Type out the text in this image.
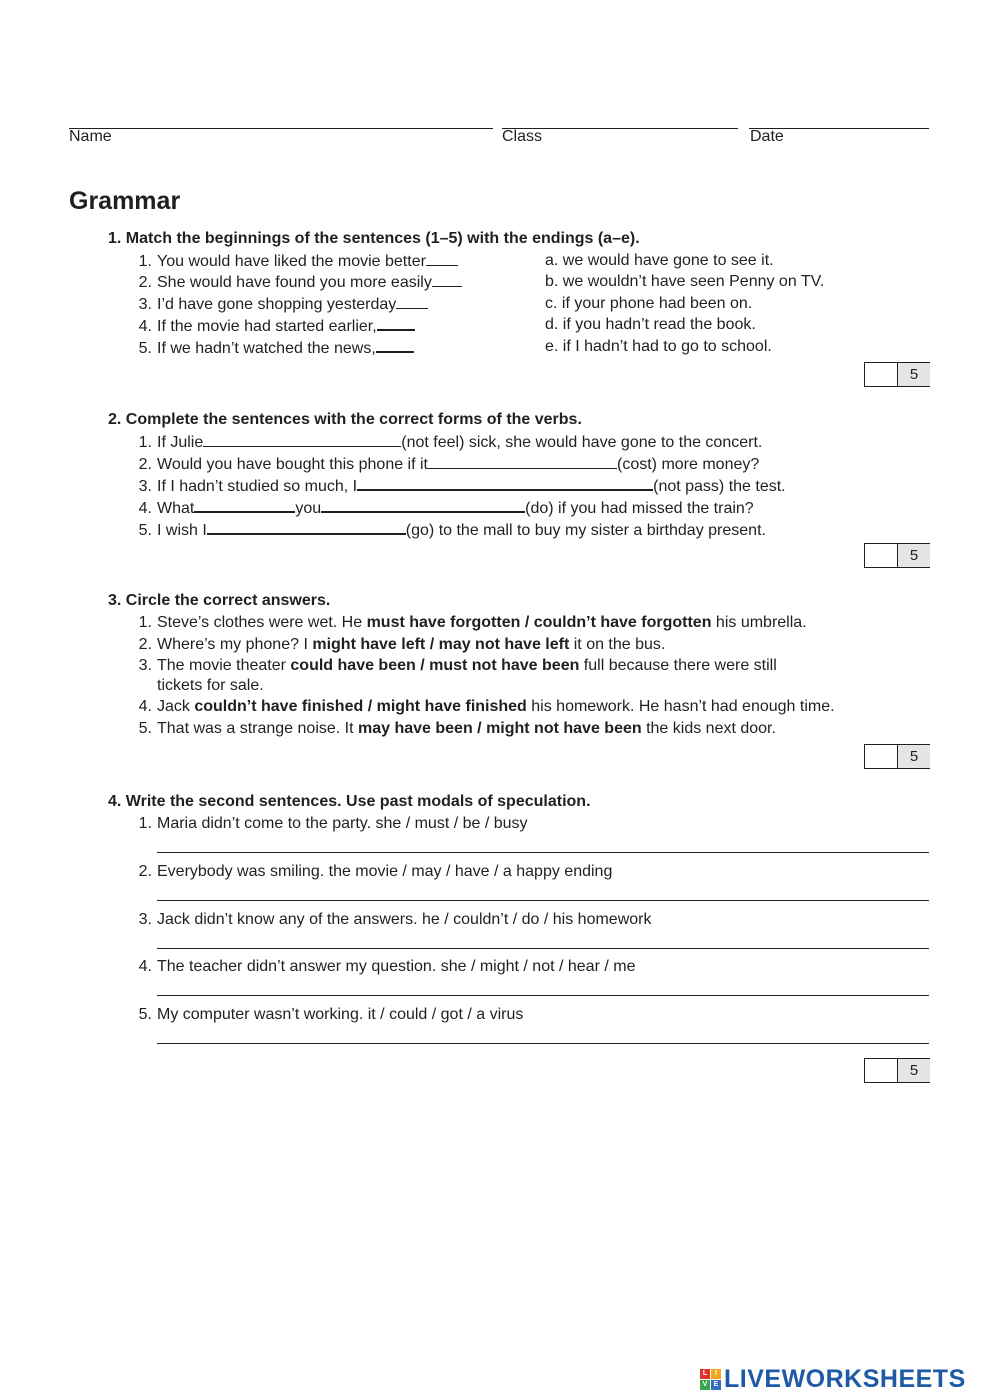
Name	Class	Date
Grammar
1. Match the beginnings of the sentences (1–5) with the endings (a–e).
1. You would have liked the movie better
2. She would have found you more easily
3. I’d have gone shopping yesterday
4. If the movie had started earlier,
5. If we hadn’t watched the news,
a. we would have gone to see it.
b. we wouldn’t have seen Penny on TV.
c. if your phone had been on.
d. if you hadn’t read the book.
e. if I hadn’t had to go to school.
5
2. Complete the sentences with the correct forms of the verbs.
1. If Julie	(not feel) sick, she would have gone to the concert.
2. Would you have bought this phone if it	(cost) more money?
3. If I hadn’t studied so much, I	(not pass) the test.
4. What	you	(do) if you had missed the train?
5. I wish I	(go) to the mall to buy my sister a birthday present.
5
3. Circle the correct answers.
1. Steve’s clothes were wet. He must have forgotten / couldn’t have forgotten his umbrella.
2. Where’s my phone? I might have left / may not have left it on the bus.
3. The movie theater could have been / must not have been full because there were still
tickets for sale.
4. Jack couldn’t have finished / might have finished his homework. He hasn’t had enough time.
5. That was a strange noise. It may have been / might not have been the kids next door.
5
4. Write the second sentences. Use past modals of speculation.
1. Maria didn’t come to the party. she / must / be / busy
2. Everybody was smiling. the movie / may / have / a happy ending
3. Jack didn’t know any of the answers. he / couldn’t / do / his homework
4. The teacher didn’t answer my question. she / might / not / hear / me
5. My computer wasn’t working. it / could / got / a virus
5
L	I
V E LIVEWORKSHEETS
